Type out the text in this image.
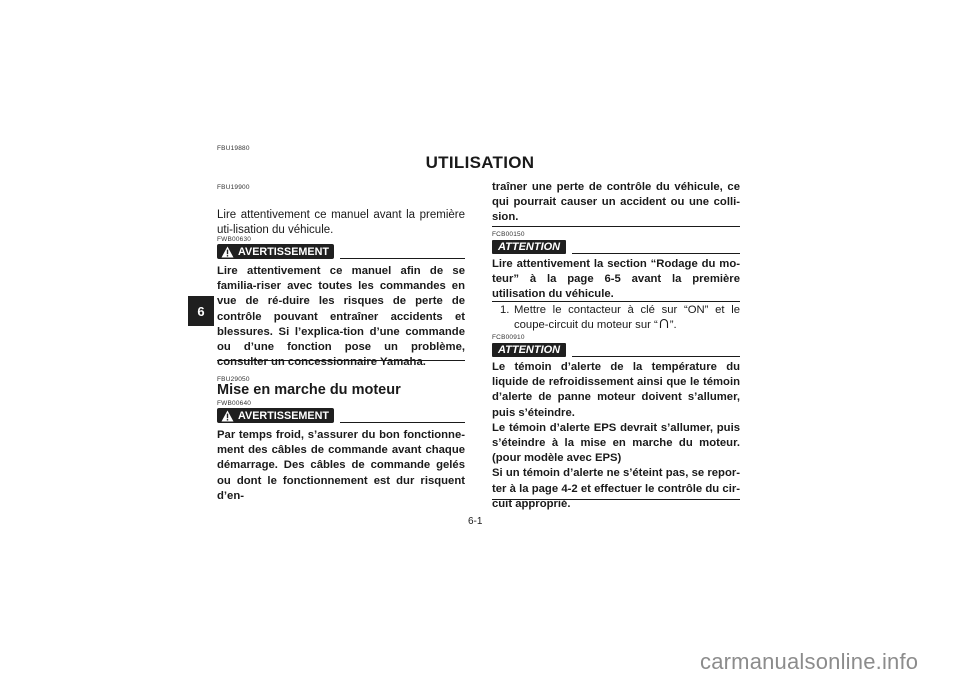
6
FBU19880
UTILISATION
FBU19900
Lire attentivement ce manuel avant la première uti-lisation du véhicule.
FWB00630
AVERTISSEMENT
Lire attentivement ce manuel afin de se familia-riser avec toutes les commandes en vue de ré-duire les risques de perte de contrôle pouvant entraîner accidents et blessures. Si l’explica-tion d’une commande ou d’une fonction pose un problème, consulter un concessionnaire Yamaha.
FBU29050
Mise en marche du moteur
FWB00640
AVERTISSEMENT
Par temps froid, s’assurer du bon fonctionne-ment des câbles de commande avant chaque démarrage. Des câbles de commande gelés ou dont le fonctionnement est dur risquent d’en-
traîner une perte de contrôle du véhicule, ce qui pourrait causer un accident ou une colli-sion.
FCB00150
ATTENTION
Lire attentivement la section “Rodage du mo-teur” à la page 6-5 avant la première utilisation du véhicule.
1. Mettre le contacteur à clé sur “ON” et le coupe-circuit du moteur sur “ ”.
FCB00910
ATTENTION
Le témoin d’alerte de la température du liquide de refroidissement ainsi que le témoin d’alerte de panne moteur doivent s’allumer, puis s’éteindre.
Le témoin d’alerte EPS devrait s’allumer, puis s’éteindre à la mise en marche du moteur. (pour modèle avec EPS)
Si un témoin d’alerte ne s’éteint pas, se repor-ter à la page 4-2 et effectuer le contrôle du cir-cuit approprié.
6-1
carmanualsonline.info
